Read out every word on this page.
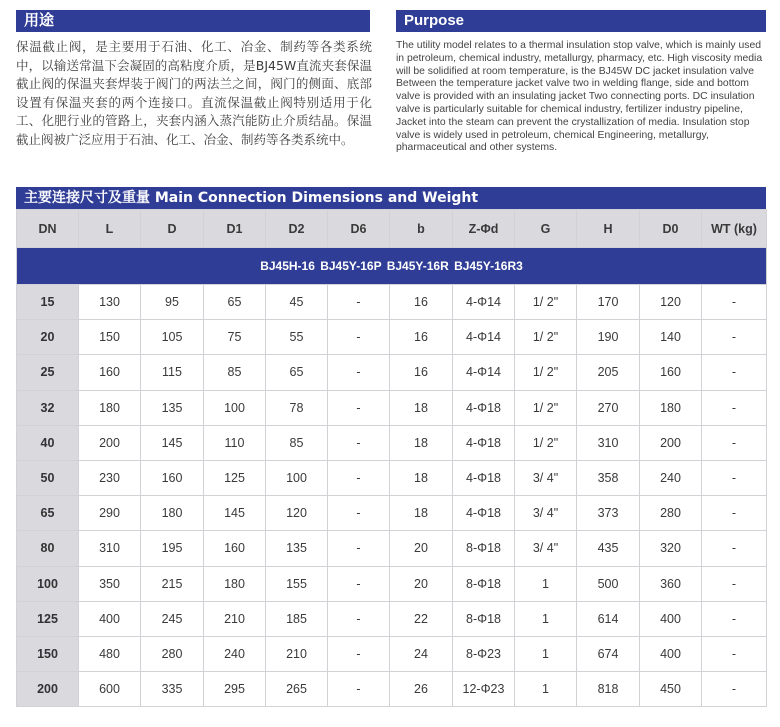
用途

保温截止阀，是主要用于石油、化工、冶金、制药等各类系统中，以输送常温下会凝固的高粘度介质，是BJ45W直流夹套保温截止阀的保温夹套焊装于阀门的两法兰之间，阀门的侧面、底部设置有保温夹套的两个连接口。直流保温截止阀特别适用于化工、化肥行业的管路上，夹套内涵入蒸汽能防止介质结晶。保温截止阀被广泛应用于石油、化工、冶金、制药等各类系统中。

Purpose

The utility model relates to a thermal insulation stop valve, which is mainly used in petroleum, chemical industry, metallurgy, pharmacy, etc. High viscosity media will be solidified at room temperature, is the BJ45W DC jacket insulation valve Between the temperature jacket valve two in welding flange, side and bottom valve is provided with an insulating jacket Two connecting ports. DC insulation valve is particularly suitable for chemical industry, fertilizer industry pipeline, Jacket into the steam can prevent the crystallization of media. Insulation stop valve is widely used in petroleum, chemical Engineering, metallurgy, pharmaceutical and other systems.

主要连接尺寸及重量 Main Connection Dimensions and Weight
DN	L	D	D1	D2	D6	b	Z-Φd	G	H	D0	WT (kg)
BJ45H-16 BJ45Y-16P BJ45Y-16R BJ45Y-16R3											
15	130	95	65	45	-	16	4-Φ14	1/ 2"	170	120	-
20	150	105	75	55	-	16	4-Φ14	1/ 2"	190	140	-
25	160	115	85	65	-	16	4-Φ14	1/ 2"	205	160	-
32	180	135	100	78	-	18	4-Φ18	1/ 2"	270	180	-
40	200	145	110	85	-	18	4-Φ18	1/ 2"	310	200	-
50	230	160	125	100	-	18	4-Φ18	3/ 4"	358	240	-
65	290	180	145	120	-	18	4-Φ18	3/ 4"	373	280	-
80	310	195	160	135	-	20	8-Φ18	3/ 4"	435	320	-
100	350	215	180	155	-	20	8-Φ18	1	500	360	-
125	400	245	210	185	-	22	8-Φ18	1	614	400	-
150	480	280	240	210	-	24	8-Φ23	1	674	400	-
200	600	335	295	265	-	26	12-Φ23	1	818	450	-
